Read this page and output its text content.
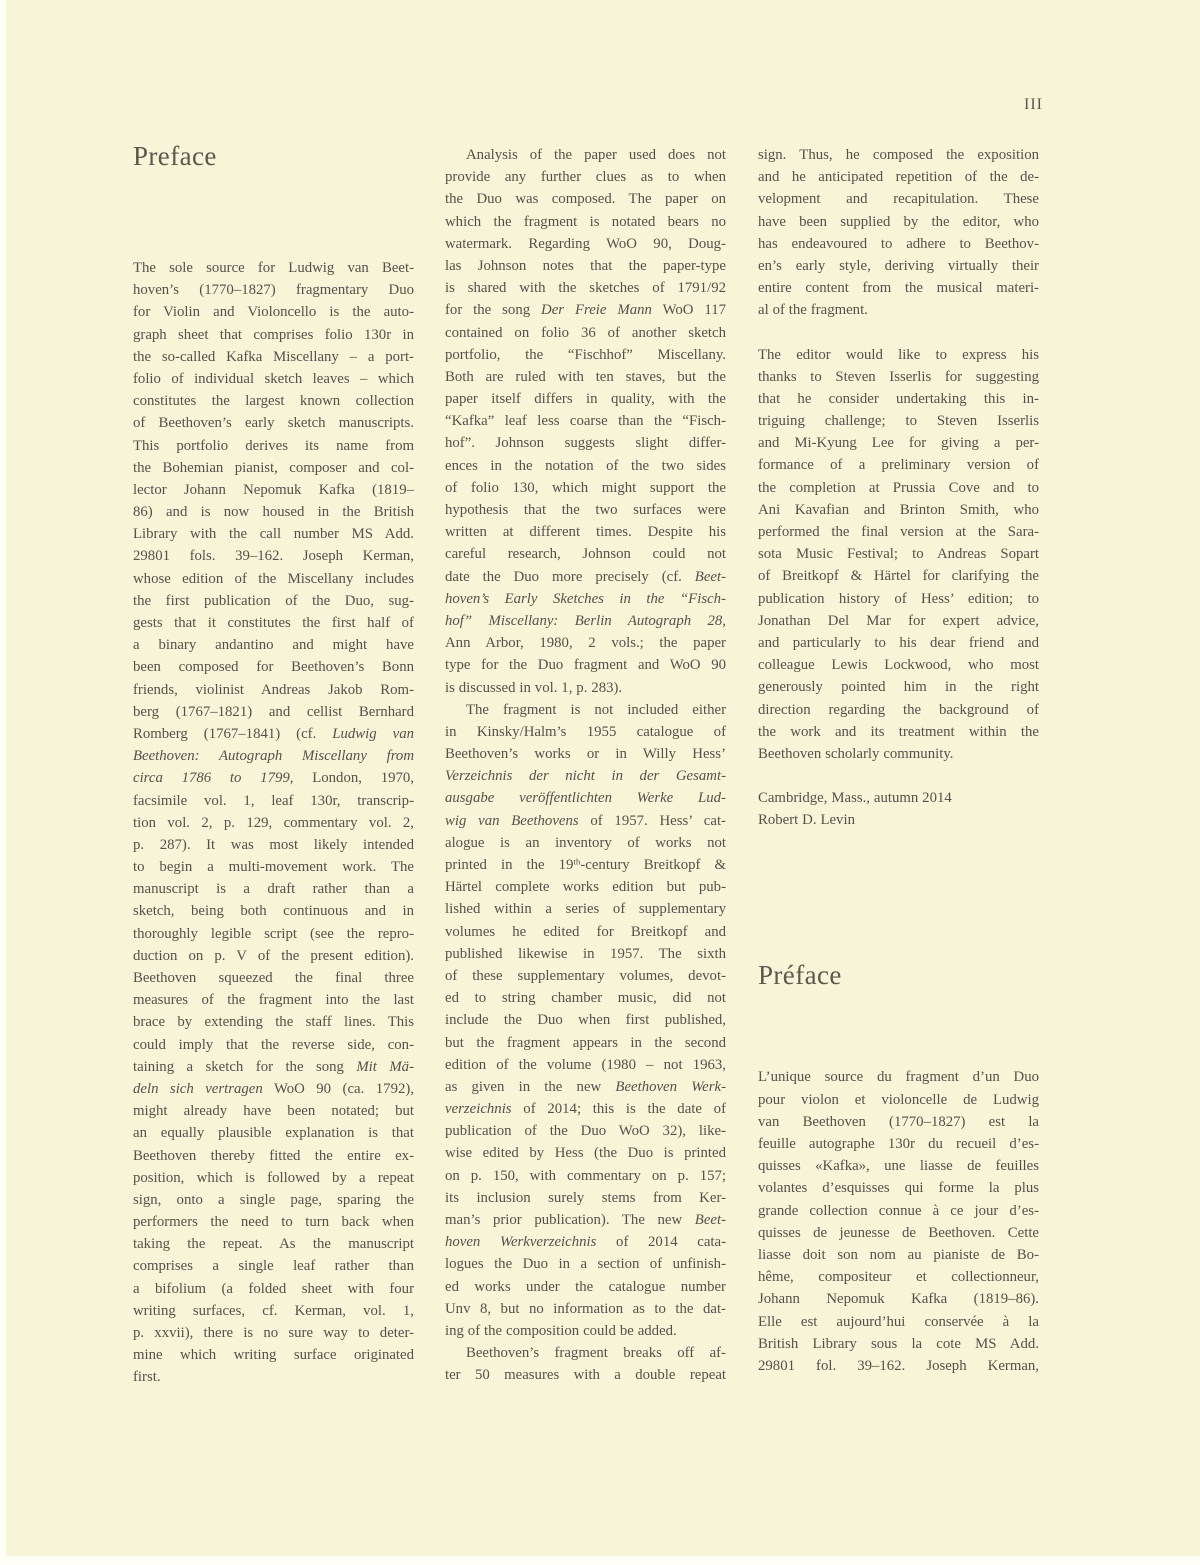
III
Preface
The sole source for Ludwig van Beet-
hoven’s (1770–1827) fragmentary Duo
for Violin and Violoncello is the auto-
graph sheet that comprises folio 130r in
the so-called Kafka Miscellany – a port-
folio of individual sketch leaves – which
constitutes the largest known collection
of Beethoven’s early sketch manuscripts.
This portfolio derives its name from
the Bohemian pianist, composer and col-
lector Johann Nepomuk Kafka (1819–
86) and is now housed in the British
Library with the call number MS Add.
29801 fols. 39–162. Joseph Kerman,
whose edition of the Miscellany includes
the first publication of the Duo, sug-
gests that it constitutes the first half of
a binary andantino and might have
been composed for Beethoven’s Bonn
friends, violinist Andreas Jakob Rom-
berg (1767–1821) and cellist Bernhard
Romberg (1767–1841) (cf. Ludwig van
Beethoven: Autograph Miscellany from
circa 1786 to 1799, London, 1970,
facsimile vol. 1, leaf 130r, transcrip-
tion vol. 2, p. 129, commentary vol. 2,
p. 287). It was most likely intended
to begin a multi-movement work. The
manuscript is a draft rather than a
sketch, being both continuous and in
thoroughly legible script (see the repro-
duction on p. V of the present edition).
Beethoven squeezed the final three
measures of the fragment into the last
brace by extending the staff lines. This
could imply that the reverse side, con-
taining a sketch for the song Mit Mä-
deln sich vertragen WoO 90 (ca. 1792),
might already have been notated; but
an equally plausible explanation is that
Beethoven thereby fitted the entire ex-
position, which is followed by a repeat
sign, onto a single page, sparing the
performers the need to turn back when
taking the repeat. As the manuscript
comprises a single leaf rather than
a bifolium (a folded sheet with four
writing surfaces, cf. Kerman, vol. 1,
p. xxvii), there is no sure way to deter-
mine which writing surface originated
first.
Analysis of the paper used does not
provide any further clues as to when
the Duo was composed. The paper on
which the fragment is notated bears no
watermark. Regarding WoO 90, Doug-
las Johnson notes that the paper-type
is shared with the sketches of 1791/92
for the song Der Freie Mann WoO 117
contained on folio 36 of another sketch
portfolio, the “Fischhof” Miscellany.
Both are ruled with ten staves, but the
paper itself differs in quality, with the
“Kafka” leaf less coarse than the “Fisch-
hof”. Johnson suggests slight differ-
ences in the notation of the two sides
of folio 130, which might support the
hypothesis that the two surfaces were
written at different times. Despite his
careful research, Johnson could not
date the Duo more precisely (cf. Beet-
hoven’s Early Sketches in the “Fisch-
hof” Miscellany: Berlin Autograph 28,
Ann Arbor, 1980, 2 vols.; the paper
type for the Duo fragment and WoO 90
is discussed in vol. 1, p. 283).
The fragment is not included either
in Kinsky/Halm’s 1955 catalogue of
Beethoven’s works or in Willy Hess’
Verzeichnis der nicht in der Gesamt-
ausgabe veröffentlichten Werke Lud-
wig van Beethovens of 1957. Hess’ cat-
alogue is an inventory of works not
printed in the 19th-century Breitkopf &
Härtel complete works edition but pub-
lished within a series of supplementary
volumes he edited for Breitkopf and
published likewise in 1957. The sixth
of these supplementary volumes, devot-
ed to string chamber music, did not
include the Duo when first published,
but the fragment appears in the second
edition of the volume (1980 – not 1963,
as given in the new Beethoven Werk-
verzeichnis of 2014; this is the date of
publication of the Duo WoO 32), like-
wise edited by Hess (the Duo is printed
on p. 150, with commentary on p. 157;
its inclusion surely stems from Ker-
man’s prior publication). The new Beet-
hoven Werkverzeichnis of 2014 cata-
logues the Duo in a section of unfinish-
ed works under the catalogue number
Unv 8, but no information as to the dat-
ing of the composition could be added.
Beethoven’s fragment breaks off af-
ter 50 measures with a double repeat
sign. Thus, he composed the exposition
and he anticipated repetition of the de-
velopment and recapitulation. These
have been supplied by the editor, who
has endeavoured to adhere to Beethov-
en’s early style, deriving virtually their
entire content from the musical materi-
al of the fragment.
The editor would like to express his
thanks to Steven Isserlis for suggesting
that he consider undertaking this in-
triguing challenge; to Steven Isserlis
and Mi-Kyung Lee for giving a per-
formance of a preliminary version of
the completion at Prussia Cove and to
Ani Kavafian and Brinton Smith, who
performed the final version at the Sara-
sota Music Festival; to Andreas Sopart
of Breitkopf & Härtel for clarifying the
publication history of Hess’ edition; to
Jonathan Del Mar for expert advice,
and particularly to his dear friend and
colleague Lewis Lockwood, who most
generously pointed him in the right
direction regarding the background of
the work and its treatment within the
Beethoven scholarly community.
Cambridge, Mass., autumn 2014
Robert D. Levin
Préface
L’unique source du fragment d’un Duo
pour violon et violoncelle de Ludwig
van Beethoven (1770–1827) est la
feuille autographe 130r du recueil d’es-
quisses «Kafka», une liasse de feuilles
volantes d’esquisses qui forme la plus
grande collection connue à ce jour d’es-
quisses de jeunesse de Beethoven. Cette
liasse doit son nom au pianiste de Bo-
hême, compositeur et collectionneur,
Johann Nepomuk Kafka (1819–86).
Elle est aujourd’hui conservée à la
British Library sous la cote MS Add.
29801 fol. 39–162. Joseph Kerman,
